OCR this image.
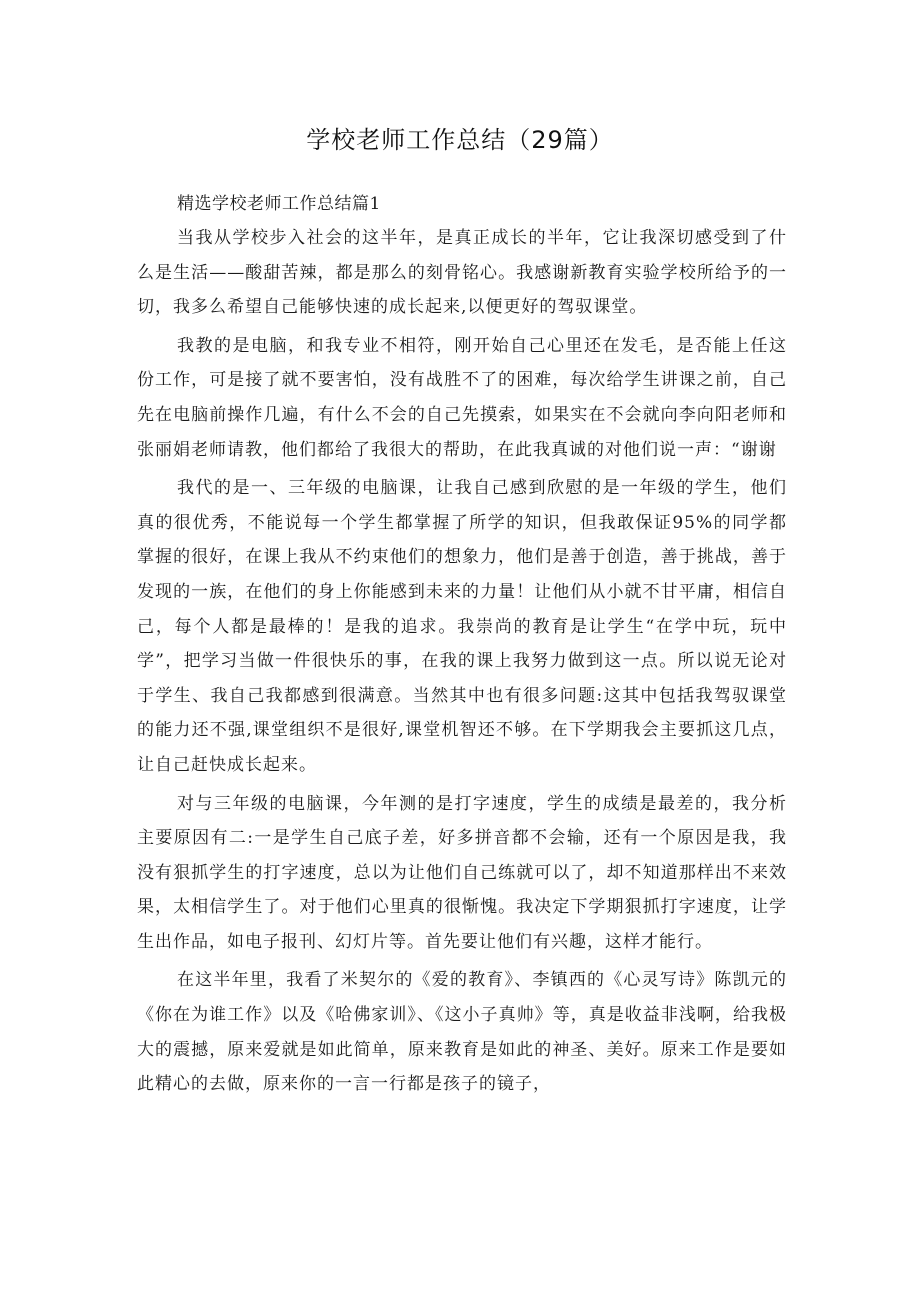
学校老师工作总结（29篇）

精选学校老师工作总结篇1

当我从学校步入社会的这半年，是真正成长的半年，它让我深切感受到了什么是生活——酸甜苦辣，都是那么的刻骨铭心。我感谢新教育实验学校所给予的一切，我多么希望自己能够快速的成长起来,以便更好的驾驭课堂。

我教的是电脑，和我专业不相符，刚开始自己心里还在发毛，是否能上任这份工作，可是接了就不要害怕，没有战胜不了的困难，每次给学生讲课之前，自己先在电脑前操作几遍，有什么不会的自己先摸索，如果实在不会就向李向阳老师和张丽娟老师请教，他们都给了我很大的帮助，在此我真诚的对他们说一声：“谢谢

我代的是一、三年级的电脑课，让我自己感到欣慰的是一年级的学生，他们真的很优秀，不能说每一个学生都掌握了所学的知识，但我敢保证95%的同学都掌握的很好，在课上我从不约束他们的想象力，他们是善于创造，善于挑战，善于发现的一族，在他们的身上你能感到未来的力量！让他们从小就不甘平庸，相信自己，每个人都是最棒的！是我的追求。我崇尚的教育是让学生“在学中玩，玩中学”，把学习当做一件很快乐的事，在我的课上我努力做到这一点。所以说无论对于学生、我自己我都感到很满意。当然其中也有很多问题:这其中包括我驾驭课堂的能力还不强,课堂组织不是很好,课堂机智还不够。在下学期我会主要抓这几点，让自己赶快成长起来。

对与三年级的电脑课，今年测的是打字速度，学生的成绩是最差的，我分析主要原因有二:一是学生自己底子差，好多拼音都不会输，还有一个原因是我，我没有狠抓学生的打字速度，总以为让他们自己练就可以了，却不知道那样出不来效果，太相信学生了。对于他们心里真的很惭愧。我决定下学期狠抓打字速度，让学生出作品，如电子报刊、幻灯片等。首先要让他们有兴趣，这样才能行。

在这半年里，我看了米契尔的《爱的教育》、李镇西的《心灵写诗》陈凯元的《你在为谁工作》以及《哈佛家训》、《这小子真帅》等，真是收益非浅啊，给我极大的震撼，原来爱就是如此简单，原来教育是如此的神圣、美好。原来工作是要如此精心的去做，原来你的一言一行都是孩子的镜子，
